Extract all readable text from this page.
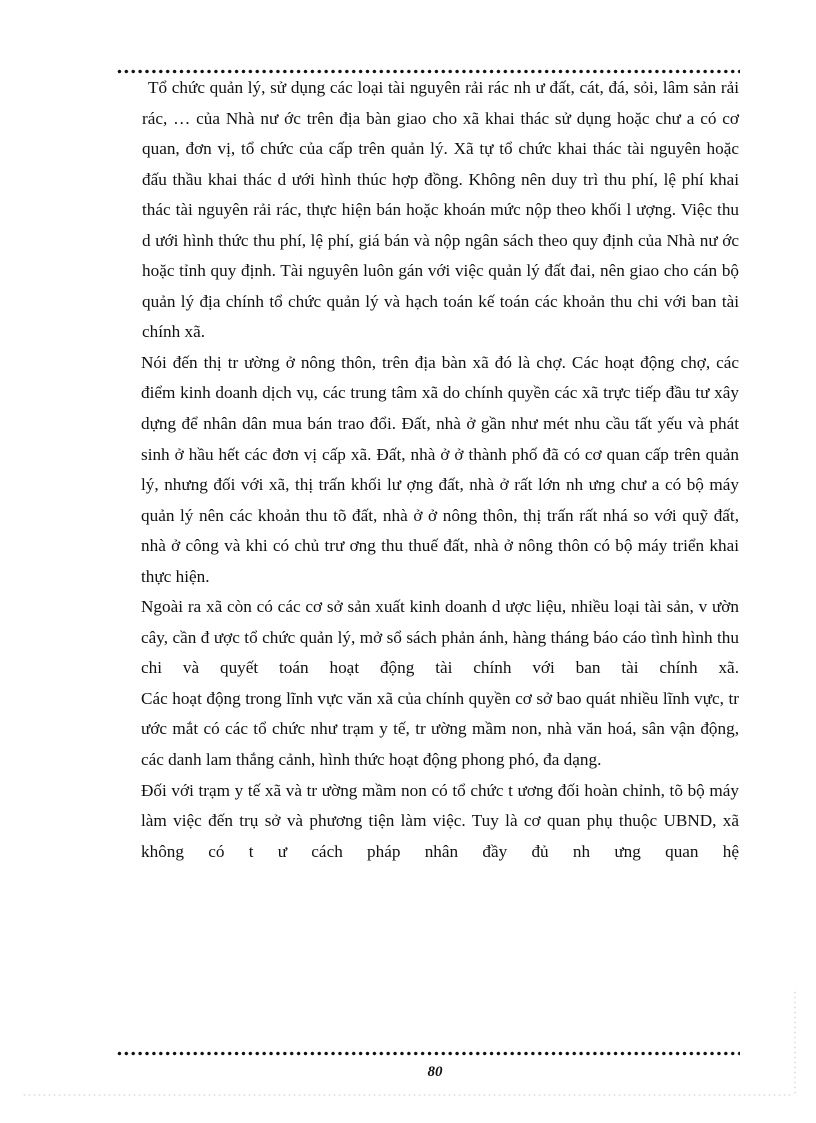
Tổ chức quản lý, sử dụng các loại tài nguyên rải rác nh ư đất, cát, đá, sỏi, lâm sản rải rác, … của Nhà nư ớc trên địa bàn giao cho xã khai thác sử dụng hoặc chư a có cơ quan, đơn vị, tổ chức của cấp trên quản lý. Xã tự tổ chức khai thác tài nguyên hoặc đấu thầu khai thác d ưới hình thúc hợp đồng. Không nên duy trì thu phí, lệ phí khai thác tài nguyên rải rác, thực hiện bán hoặc khoán mức nộp theo khối l ượng. Việc thu d ưới hình thức thu phí, lệ phí, giá bán và nộp ngân sách theo quy định của Nhà nư ớc hoặc tỉnh quy định. Tài nguyên luôn gán với việc quản lý đất đai, nên giao cho cán bộ quản lý địa chính tổ chức quản lý và hạch toán kế toán các khoản thu chi với ban tài chính xã.

Nói đến thị tr ường ở nông thôn, trên địa bàn xã đó là chợ. Các hoạt động chợ, các điểm kinh doanh dịch vụ, các trung tâm xã do chính quyền các xã trực tiếp đầu tư xây dựng để nhân dân mua bán trao đổi. Đất, nhà ở gần như mét nhu cầu tất yếu và phát sinh ở hầu hết các đơn vị cấp xã. Đất, nhà ở ở thành phố đã có cơ quan cấp trên quản lý, nhưng đối với xã, thị trấn khối lư ợng đất, nhà ở rất lớn nh ưng chư a có bộ máy quản lý nên các khoản thu tõ đất, nhà ở ở nông thôn, thị trấn rất nhá so với quỹ đất, nhà ở công và khi có chủ trư ơng thu thuế đất, nhà ở nông thôn có bộ máy triển khai thực hiện.

Ngoài ra xã còn có các cơ sở sản xuất kinh doanh d ược liệu, nhiều loại tài sản, v ườn cây, cần đ ược tổ chức quản lý, mở sổ sách phản ánh, hàng tháng báo cáo tình hình thu chi và quyết toán hoạt động tài chính với ban tài chính xã.

Các hoạt động trong lĩnh vực văn xã của chính quyền cơ sở bao quát nhiều lĩnh vực, tr ước mắt có các tổ chức như trạm y tế, tr ường mầm non, nhà văn hoá, sân vận động, các danh lam thắng cảnh, hình thức hoạt động phong phó, đa dạng.

Đối với trạm y tế xã và tr ường mầm non có tổ chức t ương đối hoàn chỉnh, tõ bộ máy làm việc đến trụ sở và phương tiện làm việc. Tuy là cơ quan phụ thuộc UBND, xã không có t ư cách pháp nhân đầy đủ nh ưng quan hệ

80
